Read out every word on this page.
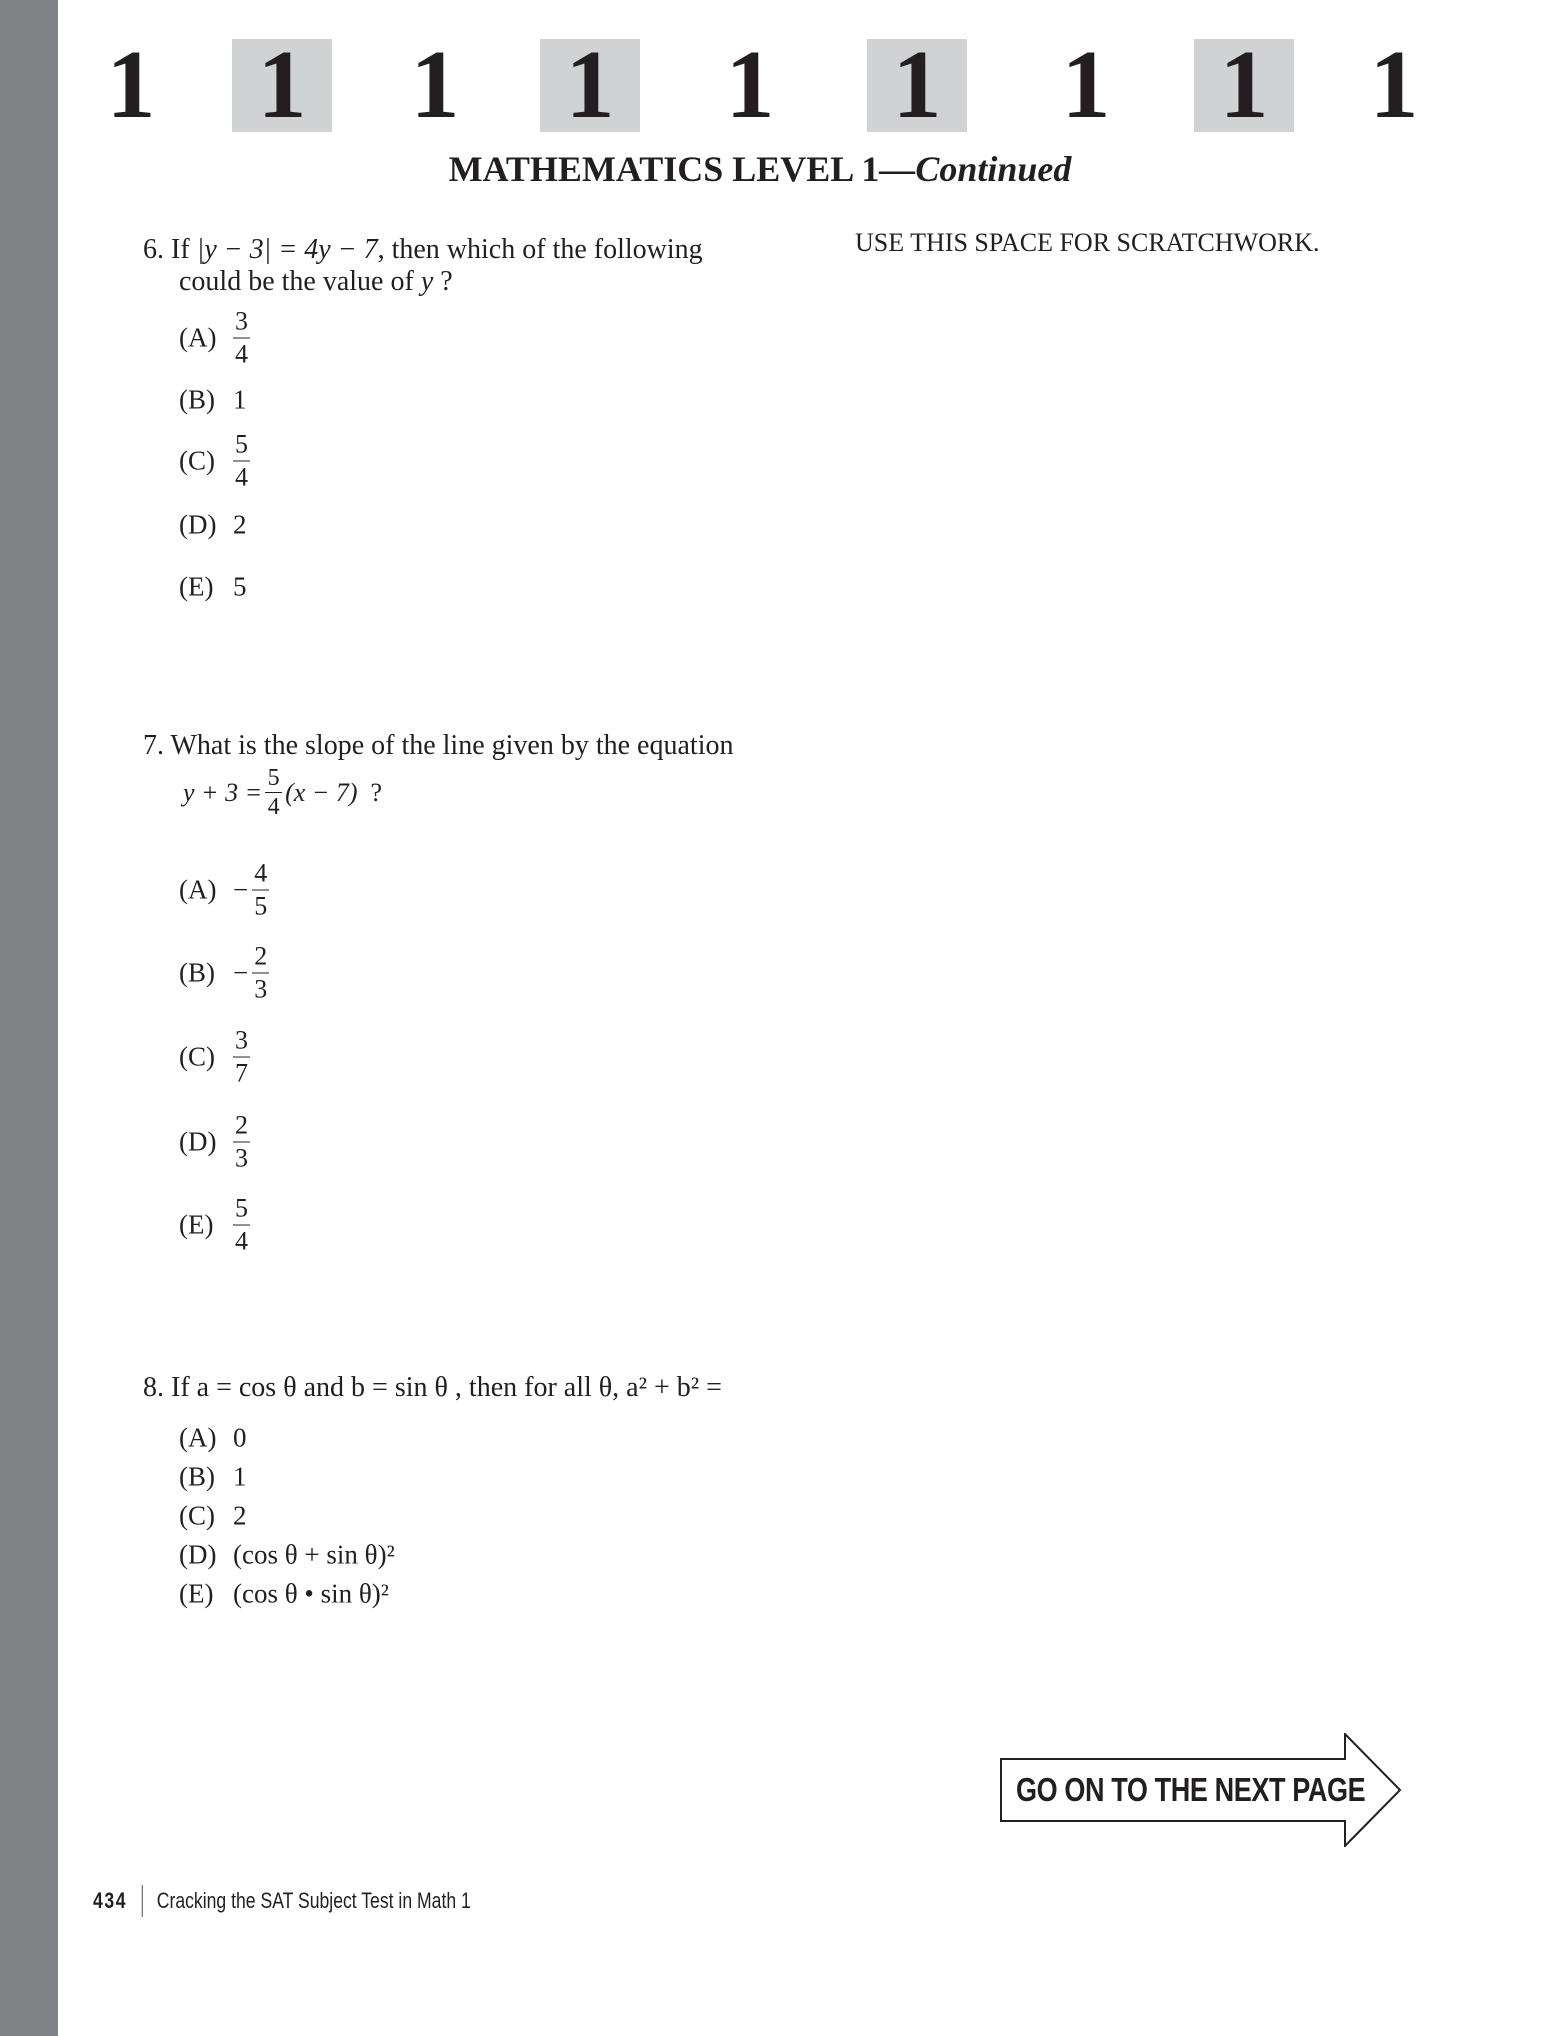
1 1 1 1 1 1 1 1 1
MATHEMATICS LEVEL 1—Continued
USE THIS SPACE FOR SCRATCHWORK.
6. If |y − 3| = 4y − 7, then which of the following
could be the value of y ?
$(A) \frac{3}{4}$
(B) 1
$(C) \frac{5}{4}$
(D) 2
(E) 5
7. What is the slope of the line given by the equation
$y + 3 = \frac{5}{4} (x - 7)$
?
$(A) - \frac{4}{5}$
$(B) - \frac{2}{3}$
$(C) \frac{3}{7}$
$(D) \frac{2}{3}$
$(E) \frac{5}{4}$
8. If a = cos θ and b = sin θ , then for all θ, a² + b² =
(A) 0
(B) 1
(C) 2
(D) (cos θ + sin θ)²
(E) (cos θ • sin θ)²
GO ON TO THE NEXT PAGE
434 Cracking the SAT Subject Test in Math 1
